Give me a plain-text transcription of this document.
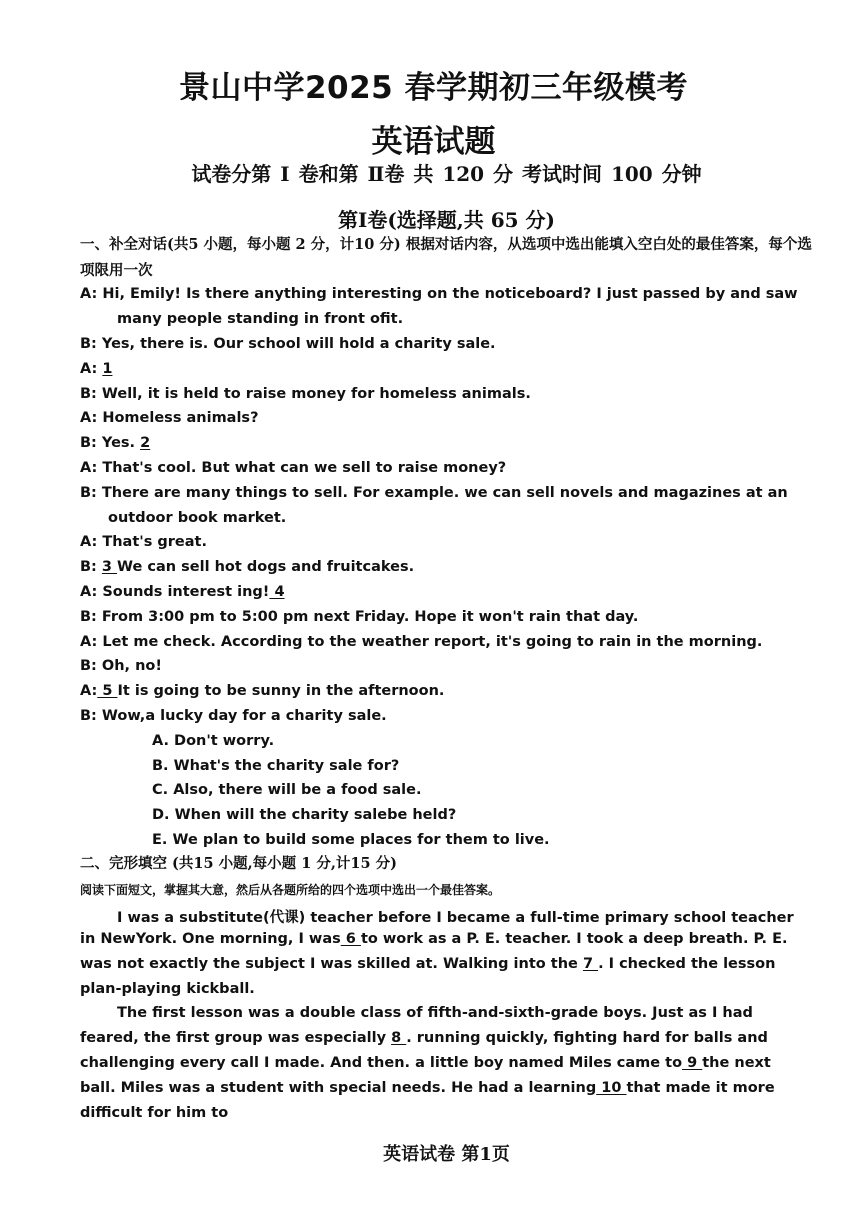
景山中学2025 春学期初三年级模考
英语试题
试卷分第 Ⅰ 卷和第 Ⅱ卷 共 120 分 考试时间 100 分钟
第Ⅰ卷(选择题,共 65 分)
一、补全对话(共5 小题，每小题 2 分，计10 分) 根据对话内容，从选项中选出能填入空白处的最佳答案，每个选项限用一次
A: Hi, Emily! Is there anything interesting on the noticeboard? I just passed by and saw
many people standing in front ofit.
B: Yes, there is. Our school will hold a charity sale.
A: 1
B: Well, it is held to raise money for homeless animals.
A: Homeless animals?
B: Yes. 2
A: That's cool. But what can we sell to raise money?
B: There are many things to sell. For example. we can sell novels and magazines at an
outdoor book market.
A: That's great.
B: 3 We can sell hot dogs and fruitcakes.
A: Sounds interest ing! 4
B: From 3:00 pm to 5:00 pm next Friday. Hope it won't rain that day.
A: Let me check. According to the weather report, it's going to rain in the morning.
B: Oh, no!
A: 5 It is going to be sunny in the afternoon.
B: Wow,a lucky day for a charity sale.
A. Don't worry.
B. What's the charity sale for?
C. Also, there will be a food sale.
D. When will the charity salebe held?
E. We plan to build some places for them to live.
二、完形填空 (共15 小题,每小题 1 分,计15 分)
阅读下面短文，掌握其大意，然后从各题所给的四个选项中选出一个最佳答案。
I was a substitute(代课) teacher before I became a full-time primary school teacher
in NewYork. One morning, I was 6 to work as a P. E. teacher. I took a deep breath. P. E.
was not exactly the subject I was skilled at. Walking into the 7 . I checked the lesson
plan-playing kickball.
The first lesson was a double class of fifth-and-sixth-grade boys. Just as I had
feared, the first group was especially 8 . running quickly, fighting hard for balls and
challenging every call I made. And then. a little boy named Miles came to 9 the next
ball. Miles was a student with special needs. He had a learning 10 that made it more
difficult for him to
英语试卷 第1页
